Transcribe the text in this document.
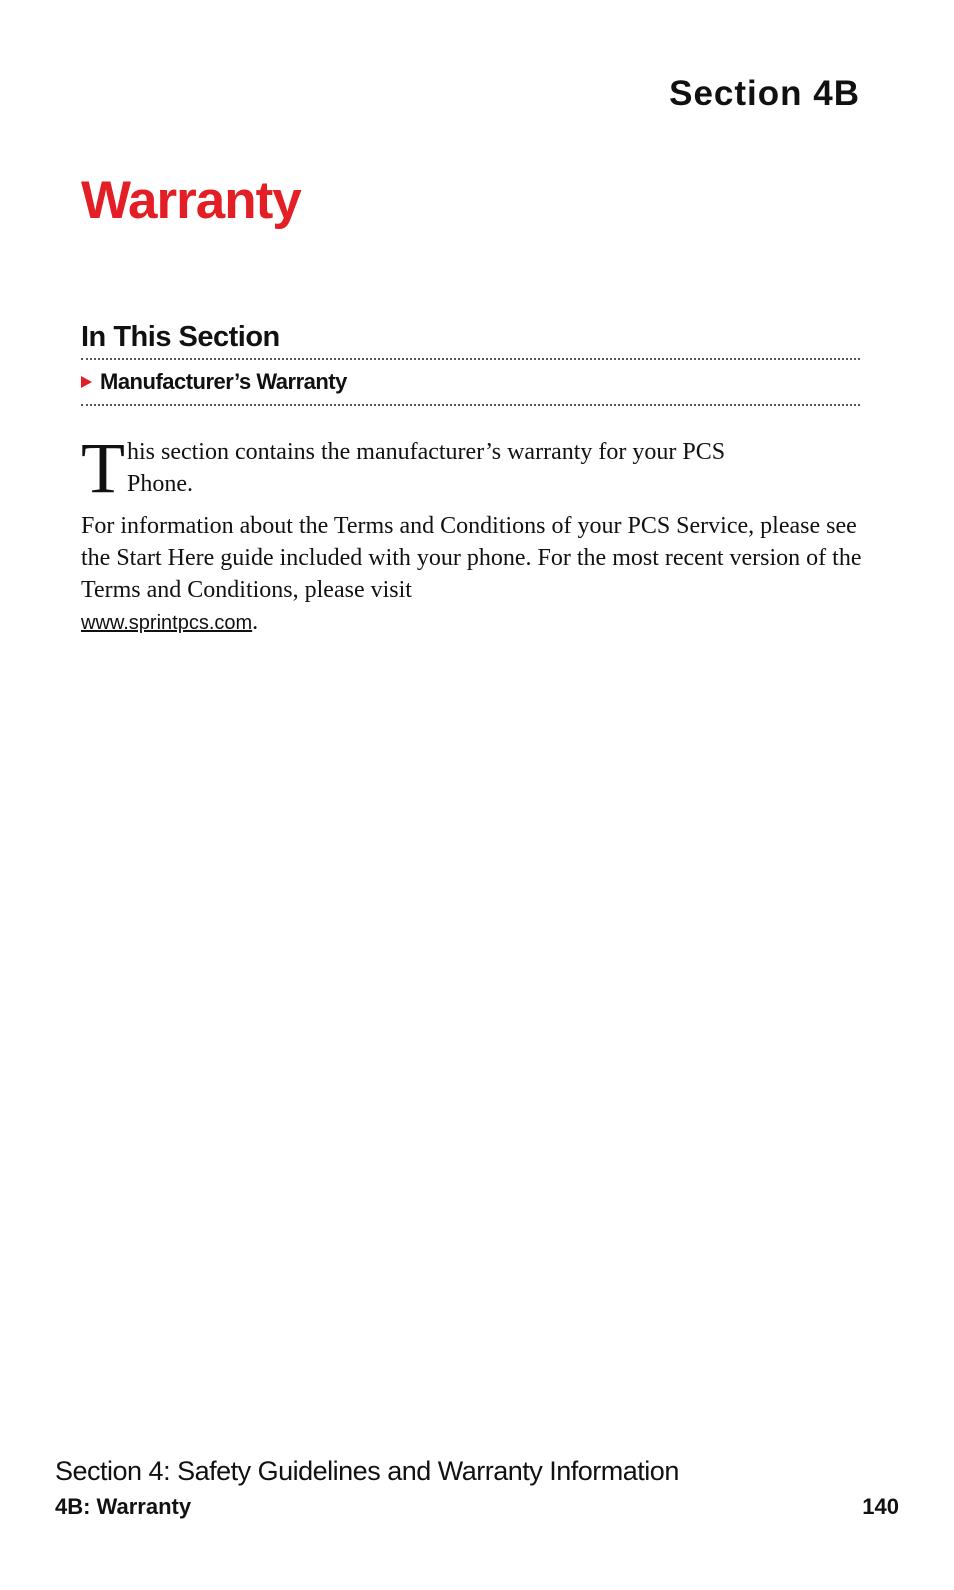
Section 4B
Warranty
In This Section
Manufacturer’s Warranty
T his section contains the manufacturer’s warranty for your PCS Phone.

For information about the Terms and Conditions of your PCS Service, please see the Start Here guide included with your phone. For the most recent version of the Terms and Conditions, please visit
www.sprintpcs.com.

Section 4: Safety Guidelines and Warranty Information

4B: Warranty	140
